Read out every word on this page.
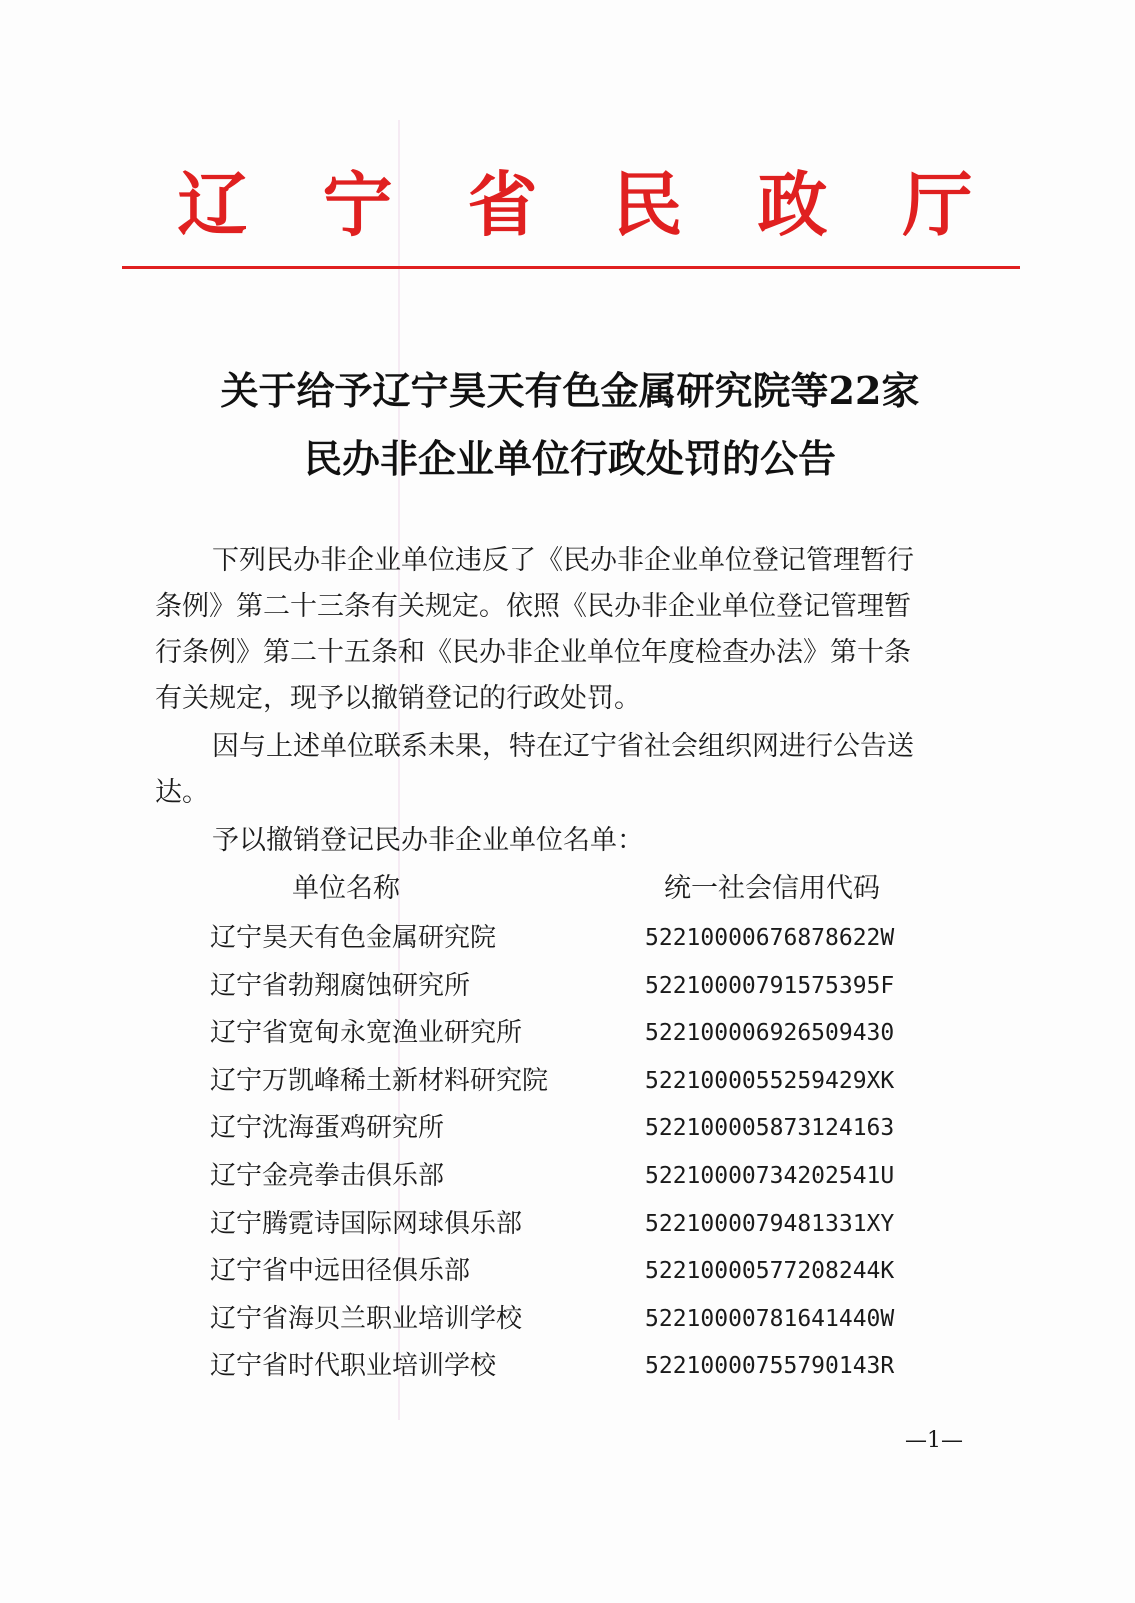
辽 宁 省 民 政 厅
关于给予辽宁昊天有色金属研究院等22家
民办非企业单位行政处罚的公告
下列民办非企业单位违反了《民办非企业单位登记管理暂行
条例》第二十三条有关规定。依照《民办非企业单位登记管理暂
行条例》第二十五条和《民办非企业单位年度检查办法》第十条
有关规定，现予以撤销登记的行政处罚。
因与上述单位联系未果，特在辽宁省社会组织网进行公告送
达。
予以撤销登记民办非企业单位名单：
单位名称	统一社会信用代码
辽宁昊天有色金属研究院	52210000676878622W
辽宁省勃翔腐蚀研究所	52210000791575395F
辽宁省宽甸永宽渔业研究所	522100006926509430
辽宁万凯峰稀土新材料研究院	5221000055259429XK
辽宁沈海蛋鸡研究所	522100005873124163
辽宁金亮拳击俱乐部	52210000734202541U
辽宁腾霓诗国际网球俱乐部	5221000079481331XY
辽宁省中远田径俱乐部	52210000577208244K
辽宁省海贝兰职业培训学校	52210000781641440W
辽宁省时代职业培训学校	52210000755790143R
—1—
